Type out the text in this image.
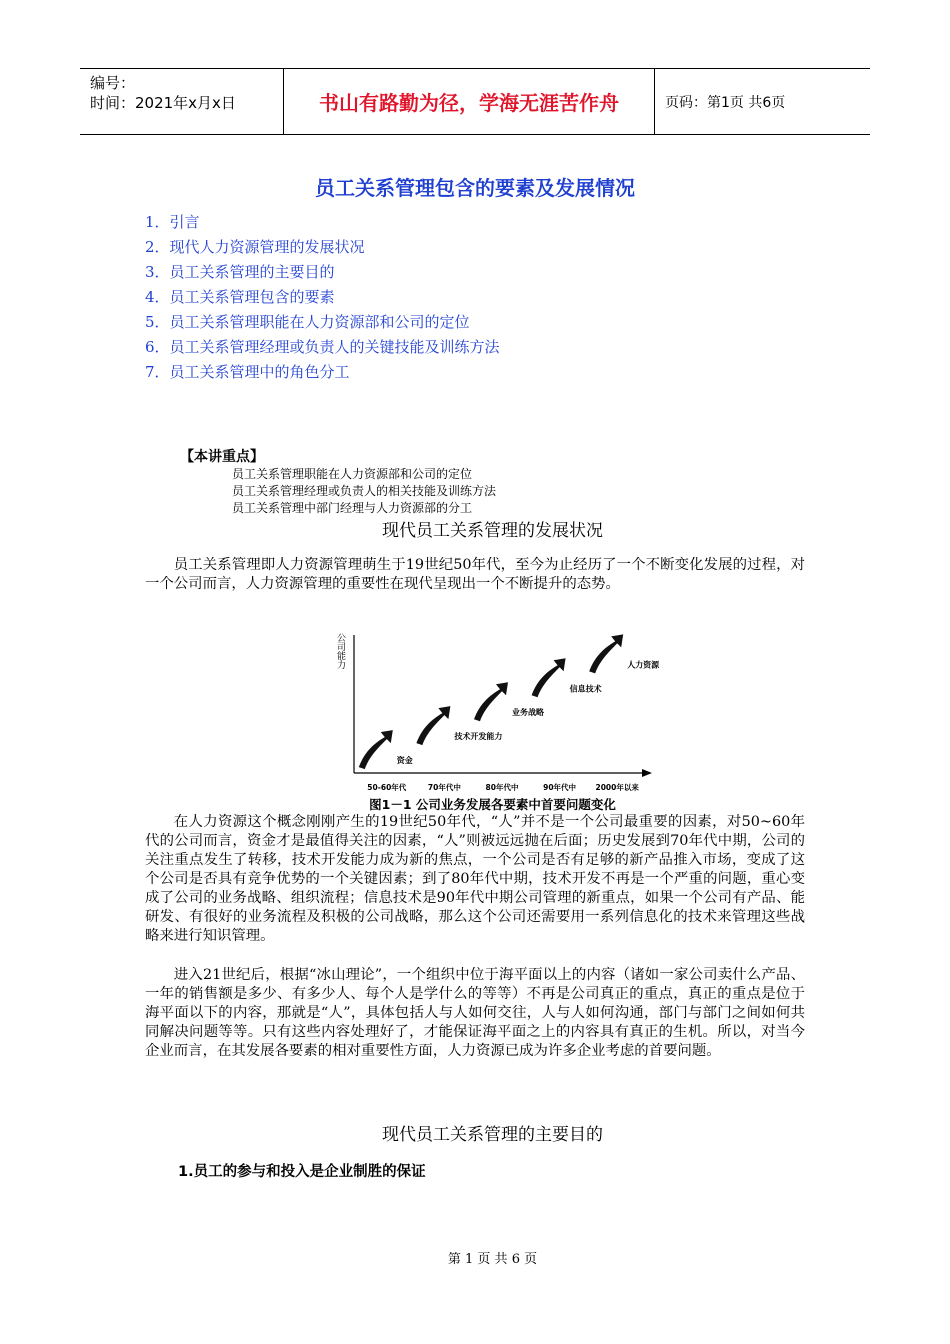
编号：
时间：2021年x月x日	书山有路勤为径，学海无涯苦作舟	页码：第1页 共6页
员工关系管理包含的要素及发展情况
1．引言
2．现代人力资源管理的发展状况
3．员工关系管理的主要目的
4．员工关系管理包含的要素
5．员工关系管理职能在人力资源部和公司的定位
6．员工关系管理经理或负责人的关键技能及训练方法
7．员工关系管理中的角色分工
【本讲重点】
员工关系管理职能在人力资源部和公司的定位
员工关系管理经理或负责人的相关技能及训练方法
员工关系管理中部门经理与人力资源部的分工
现代员工关系管理的发展状况

员工关系管理即人力资源管理萌生于19世纪50年代，至今为止经历了一个不断变化发展的过程，对一个公司而言，人力资源管理的重要性在现代呈现出一个不断提升的态势。

公司能力
50-60年代	70年代中	80年代中	90年代中	2000年以来
资金
技术开发能力
业务战略
信息技术
人力资源
图1－1 公司业务发展各要素中首要问题变化

在人力资源这个概念刚刚产生的19世纪50年代，“人”并不是一个公司最重要的因素，对50~60年代的公司而言，资金才是最值得关注的因素，“人”则被远远抛在后面；历史发展到70年代中期，公司的关注重点发生了转移，技术开发能力成为新的焦点，一个公司是否有足够的新产品推入市场，变成了这个公司是否具有竞争优势的一个关键因素；到了80年代中期，技术开发不再是一个严重的问题，重心变成了公司的业务战略、组织流程；信息技术是90年代中期公司管理的新重点，如果一个公司有产品、能研发、有很好的业务流程及积极的公司战略，那么这个公司还需要用一系列信息化的技术来管理这些战略来进行知识管理。

进入21世纪后，根据“冰山理论”，一个组织中位于海平面以上的内容（诸如一家公司卖什么产品、一年的销售额是多少、有多少人、每个人是学什么的等等）不再是公司真正的重点，真正的重点是位于海平面以下的内容，那就是“人”，具体包括人与人如何交往，人与人如何沟通，部门与部门之间如何共同解决问题等等。只有这些内容处理好了，才能保证海平面之上的内容具有真正的生机。所以，对当今企业而言，在其发展各要素的相对重要性方面，人力资源已成为许多企业考虑的首要问题。

现代员工关系管理的主要目的
1.员工的参与和投入是企业制胜的保证
第 1 页 共 6 页
